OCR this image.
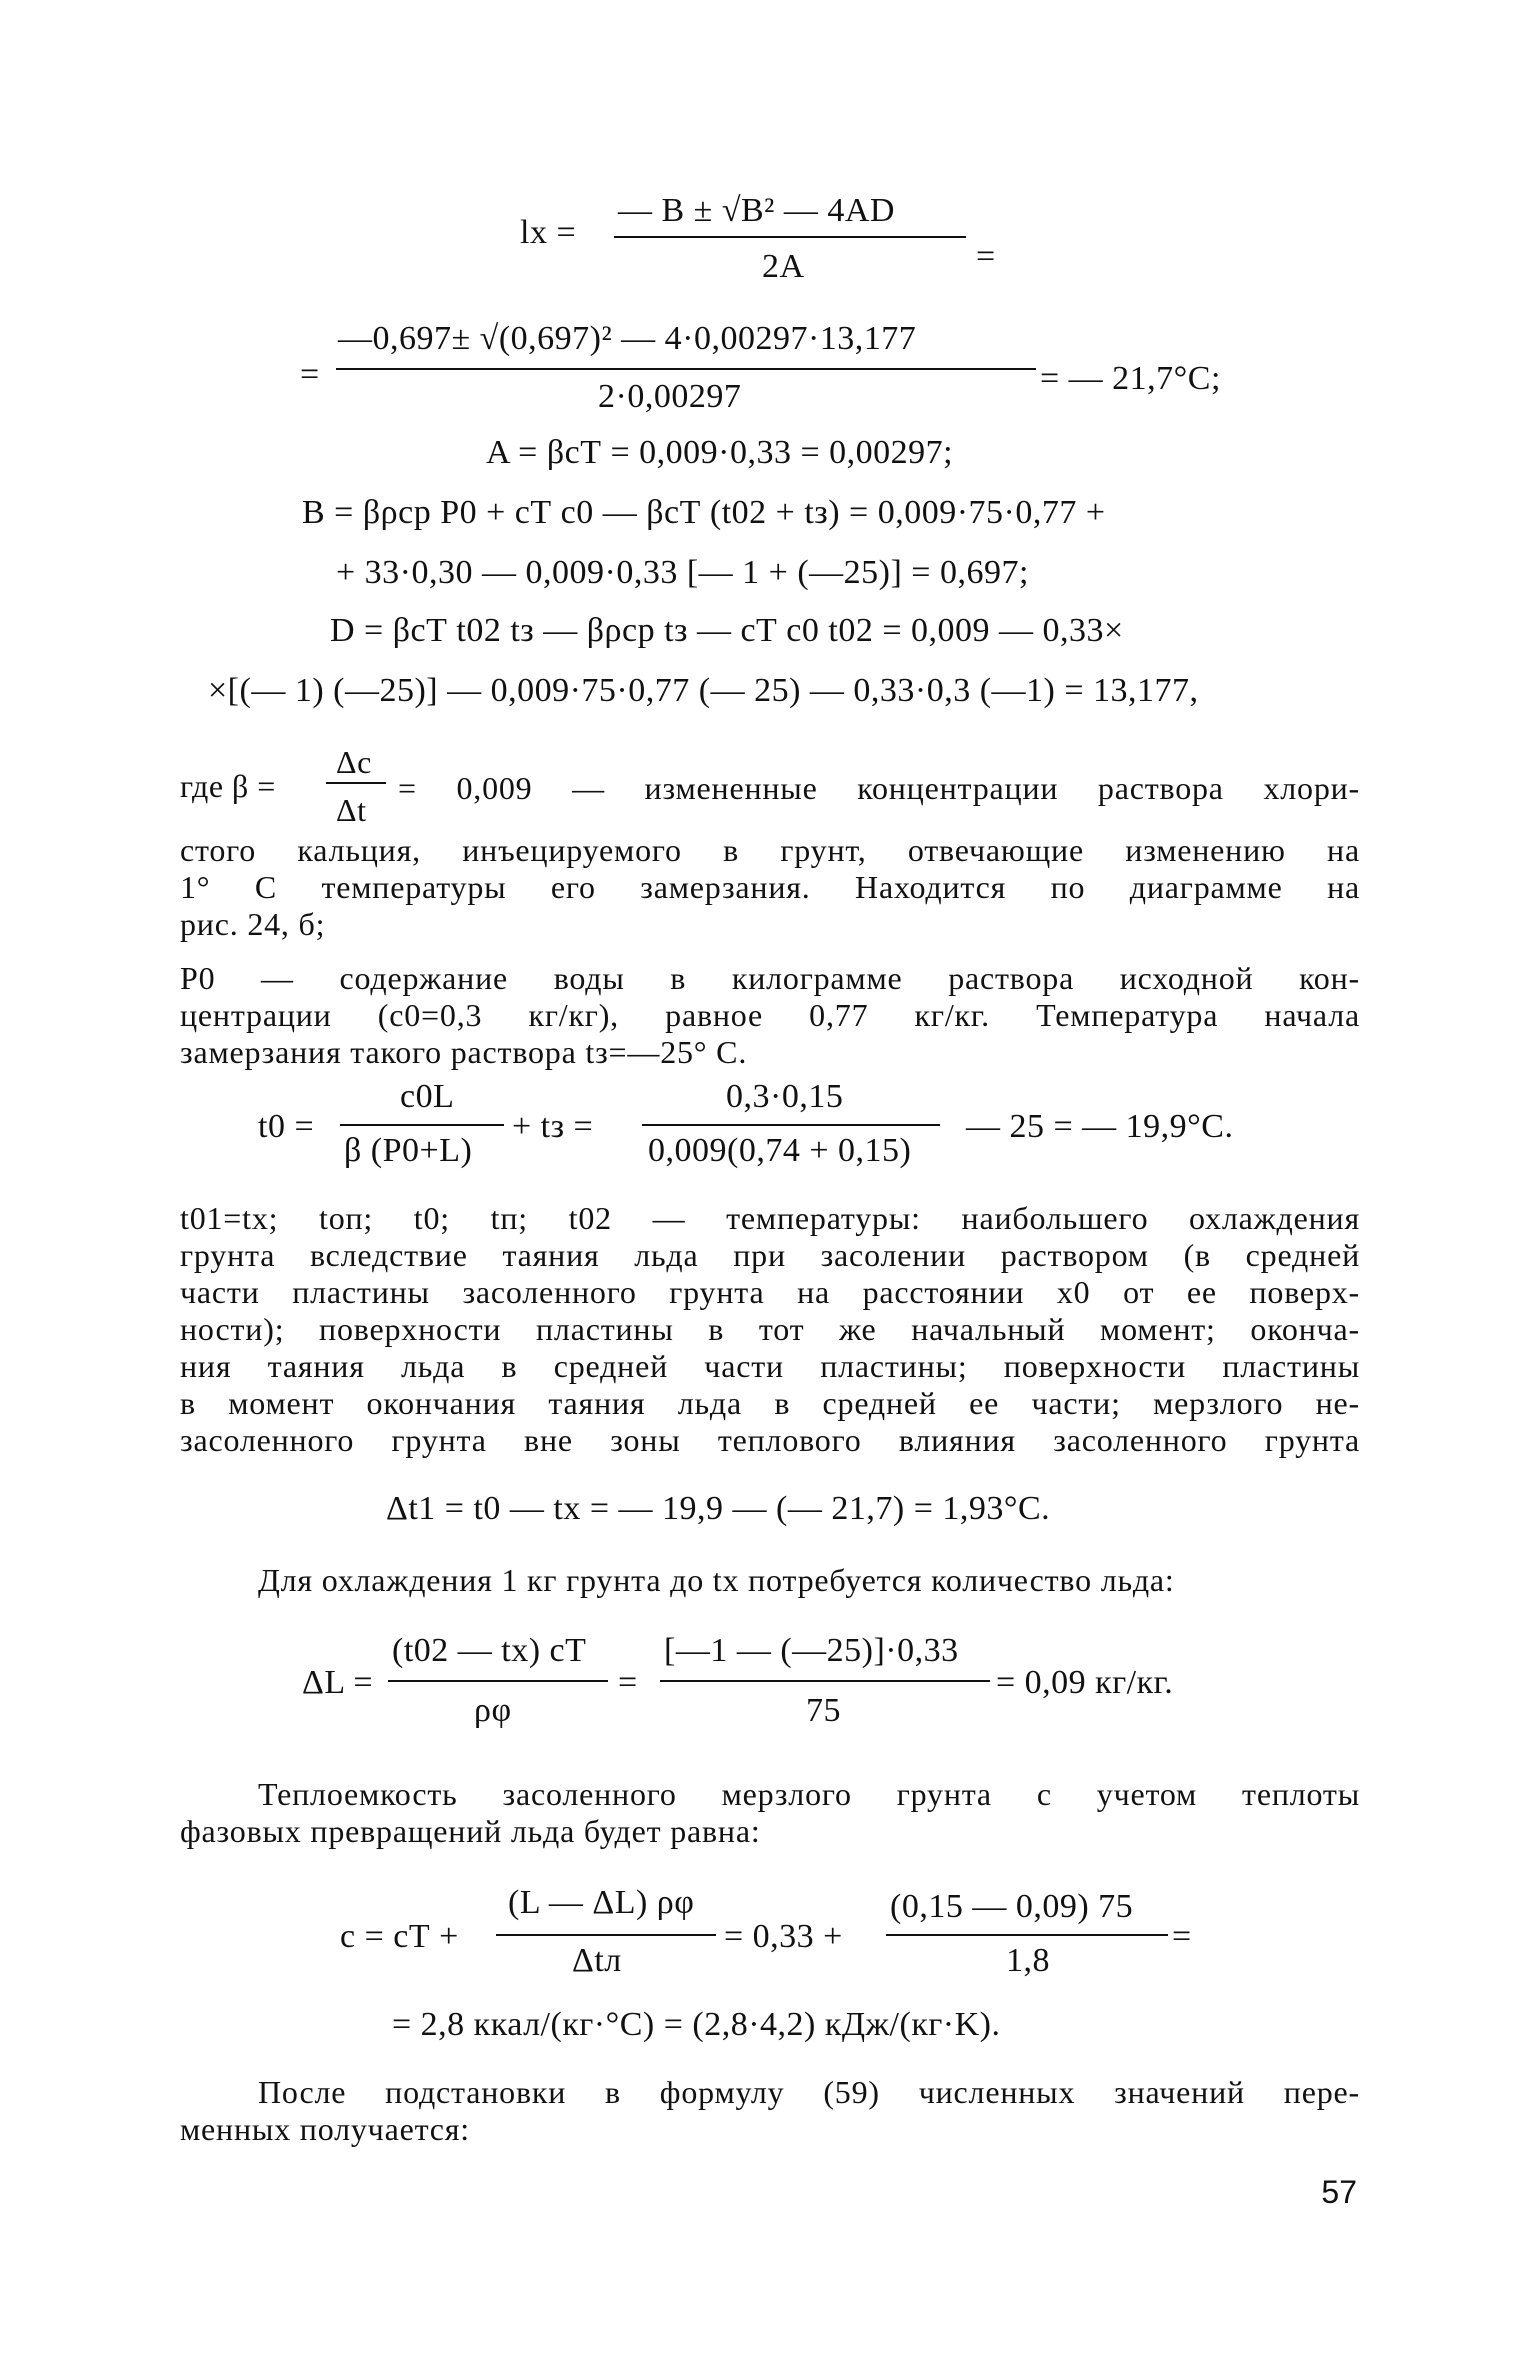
lx =
— B ± √B² — 4AD
2A	=
=
—0,697± √(0,697)² — 4·0,00297·13,177
2·0,00297	= — 21,7°C;
A = βcТ = 0,009·0,33 = 0,00297;
B = βρср P0 + cТ c0 — βcТ (t02 + tз) = 0,009·75·0,77 +
+ 33·0,30 — 0,009·0,33 [— 1 + (—25)] = 0,697;
D = βcТ t02 tз — βρср tз — cТ c0 t02 = 0,009 — 0,33×
×[(— 1) (—25)] — 0,009·75·0,77 (— 25) — 0,33·0,3 (—1) = 13,177,
где β =
Δc
Δt
= 0,009 — измененные концентрации раствора хлори-
стого кальция, инъецируемого в грунт, отвечающие изменению на
1° С температуры его замерзания. Находится по диаграмме на
рис. 24, б;
P0 — содержание воды в килограмме раствора исходной кон-
центрации (c0=0,3 кг/кг), равное 0,77 кг/кг. Температура начала
замерзания такого раствора tз=—25° С.
t0 =
c0L
β (P0+L)
+ tз =
0,3·0,15
0,009(0,74 + 0,15)
— 25 = — 19,9°C.
t01=tx; tоп; t0; tп; t02 — температуры: наибольшего охлаждения
грунта вследствие таяния льда при засолении раствором (в средней
части пластины засоленного грунта на расстоянии x0 от ее поверх-
ности); поверхности пластины в тот же начальный момент; оконча-
ния таяния льда в средней части пластины; поверхности пластины
в момент окончания таяния льда в средней ее части; мерзлого не-
засоленного грунта вне зоны теплового влияния засоленного грунта
Δt1 = t0 — tx = — 19,9 — (— 21,7) = 1,93°C.
Для охлаждения 1 кг грунта до tx потребуется количество льда:
ΔL =
(t02 — tx) cТ
ρφ
=
[—1 — (—25)]·0,33
75
= 0,09 кг/кг.
Теплоемкость засоленного мерзлого грунта с учетом теплоты
фазовых превращений льда будет равна:
c = cТ +
(L — ΔL) ρφ
Δtл
= 0,33 +
(0,15 — 0,09) 75
1,8
=
= 2,8 ккал/(кг·°C) = (2,8·4,2) кДж/(кг·K).
После подстановки в формулу (59) численных значений пере-
менных получается:
57
